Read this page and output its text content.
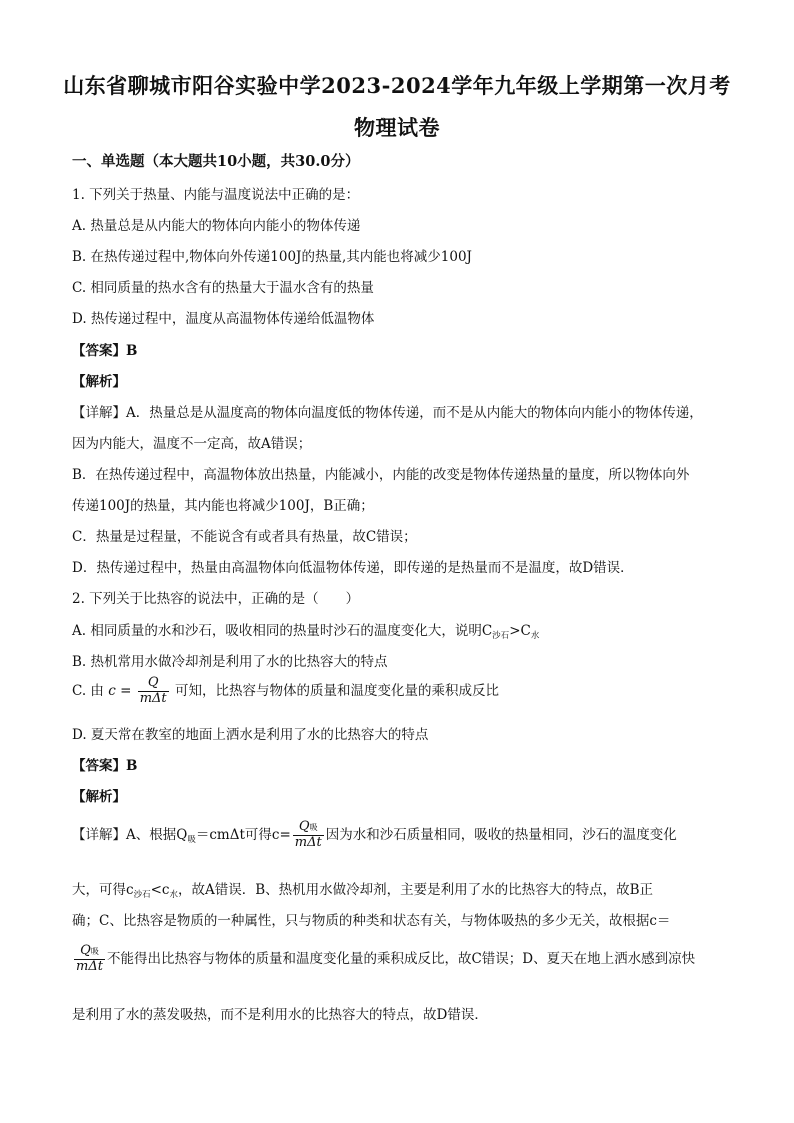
山东省聊城市阳谷实验中学2023-2024学年九年级上学期第一次月考
物理试卷
一、单选题（本大题共10小题，共30.0分）
1. 下列关于热量、内能与温度说法中正确的是：
A. 热量总是从内能大的物体向内能小的物体传递
B. 在热传递过程中,物体向外传递100J的热量,其内能也将减少100J
C. 相同质量的热水含有的热量大于温水含有的热量
D. 热传递过程中，温度从高温物体传递给低温物体
【答案】B
【解析】
【详解】A．热量总是从温度高的物体向温度低的物体传递，而不是从内能大的物体向内能小的物体传递，
因为内能大，温度不一定高，故A错误；
B．在热传递过程中，高温物体放出热量，内能减小，内能的改变是物体传递热量的量度，所以物体向外
传递100J的热量，其内能也将减少100J，B正确；
C．热量是过程量，不能说含有或者具有热量，故C错误；
D．热传递过程中，热量由高温物体向低温物体传递，即传递的是热量而不是温度，故D错误．
2. 下列关于比热容的说法中，正确的是（　　）
A. 相同质量的水和沙石，吸收相同的热量时沙石的温度变化大，说明$C_{沙石}>C_水$
B. 热机常用水做冷却剂是利用了水的比热容大的特点
C. 由 $c = \frac{Q}{\text{mΔt}}$ 可知，比热容与物体的质量和温度变化量的乘积成反比
D. 夏天常在教室的地面上洒水是利用了水的比热容大的特点
【答案】B
【解析】
【详解】A、根据$Q_吸=cm\Delta t$可得$c= \frac{\text{Q吸}}{\text{mΔt}}$ 因为水和沙石质量相同，吸收的热量相同，沙石的温度变化
大，可得$c_{沙石}<c_水$，故A错误．B、热机用水做冷却剂，主要是利用了水的比热容大的特点，故B正
确；C、比热容是物质的一种属性，只与物质的种类和状态有关，与物体吸热的多少无关，故根据c＝
$\frac{\text{Q吸}}{\text{mΔt}}$ 不能得出比热容与物体的质量和温度变化量的乘积成反比，故C错误；D、夏天在地上洒水感到凉快
是利用了水的蒸发吸热，而不是利用水的比热容大的特点，故D错误．
